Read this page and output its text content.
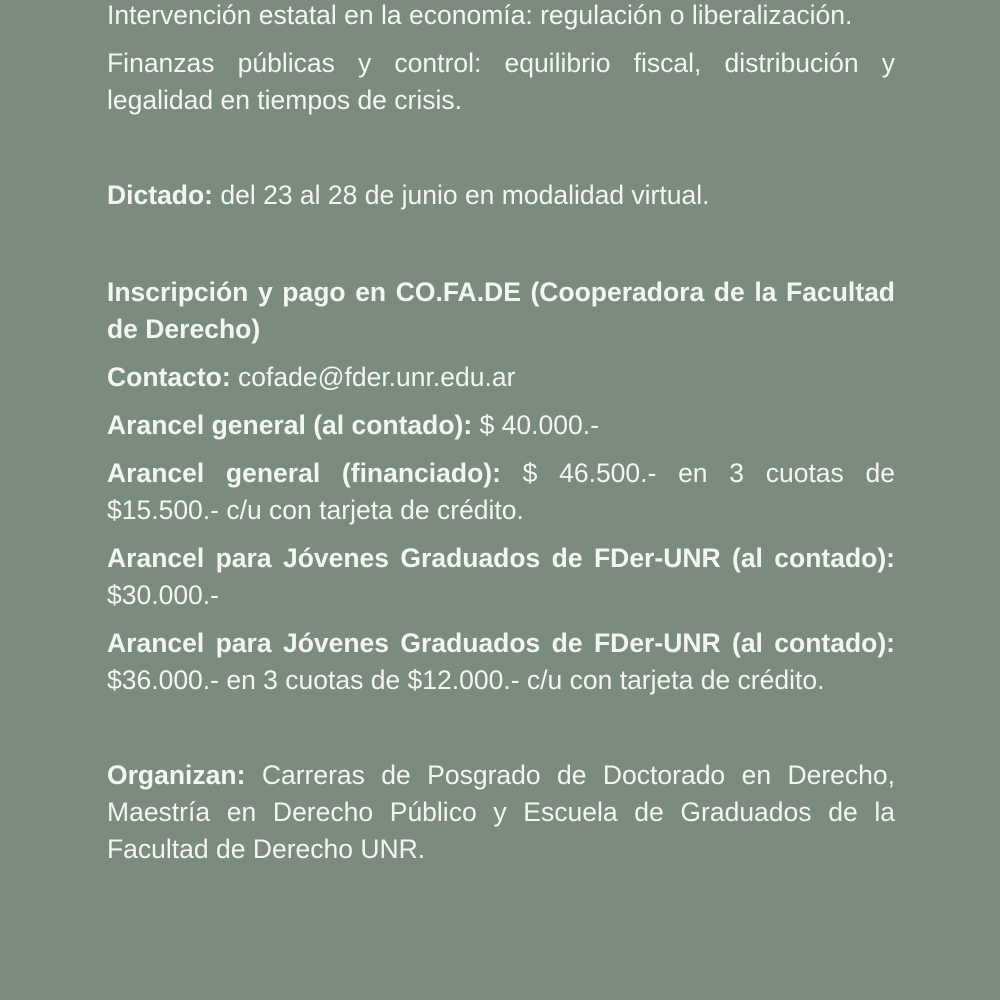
Intervención estatal en la economía: regulación o liberalización.

Finanzas públicas y control: equilibrio fiscal, distribución y legalidad en tiempos de crisis.

Dictado: del 23 al 28 de junio en modalidad virtual.

Inscripción y pago en CO.FA.DE (Cooperadora de la Facultad de Derecho)

Contacto: cofade@fder.unr.edu.ar

Arancel general (al contado): $ 40.000.-

Arancel general (financiado): $ 46.500.- en 3 cuotas de $15.500.- c/u con tarjeta de crédito.

Arancel para Jóvenes Graduados de FDer-UNR (al contado): $30.000.-

Arancel para Jóvenes Graduados de FDer-UNR (al contado): $36.000.- en 3 cuotas de $12.000.- c/u con tarjeta de crédito.

Organizan: Carreras de Posgrado de Doctorado en Derecho, Maestría en Derecho Público y Escuela de Graduados de la Facultad de Derecho UNR.
